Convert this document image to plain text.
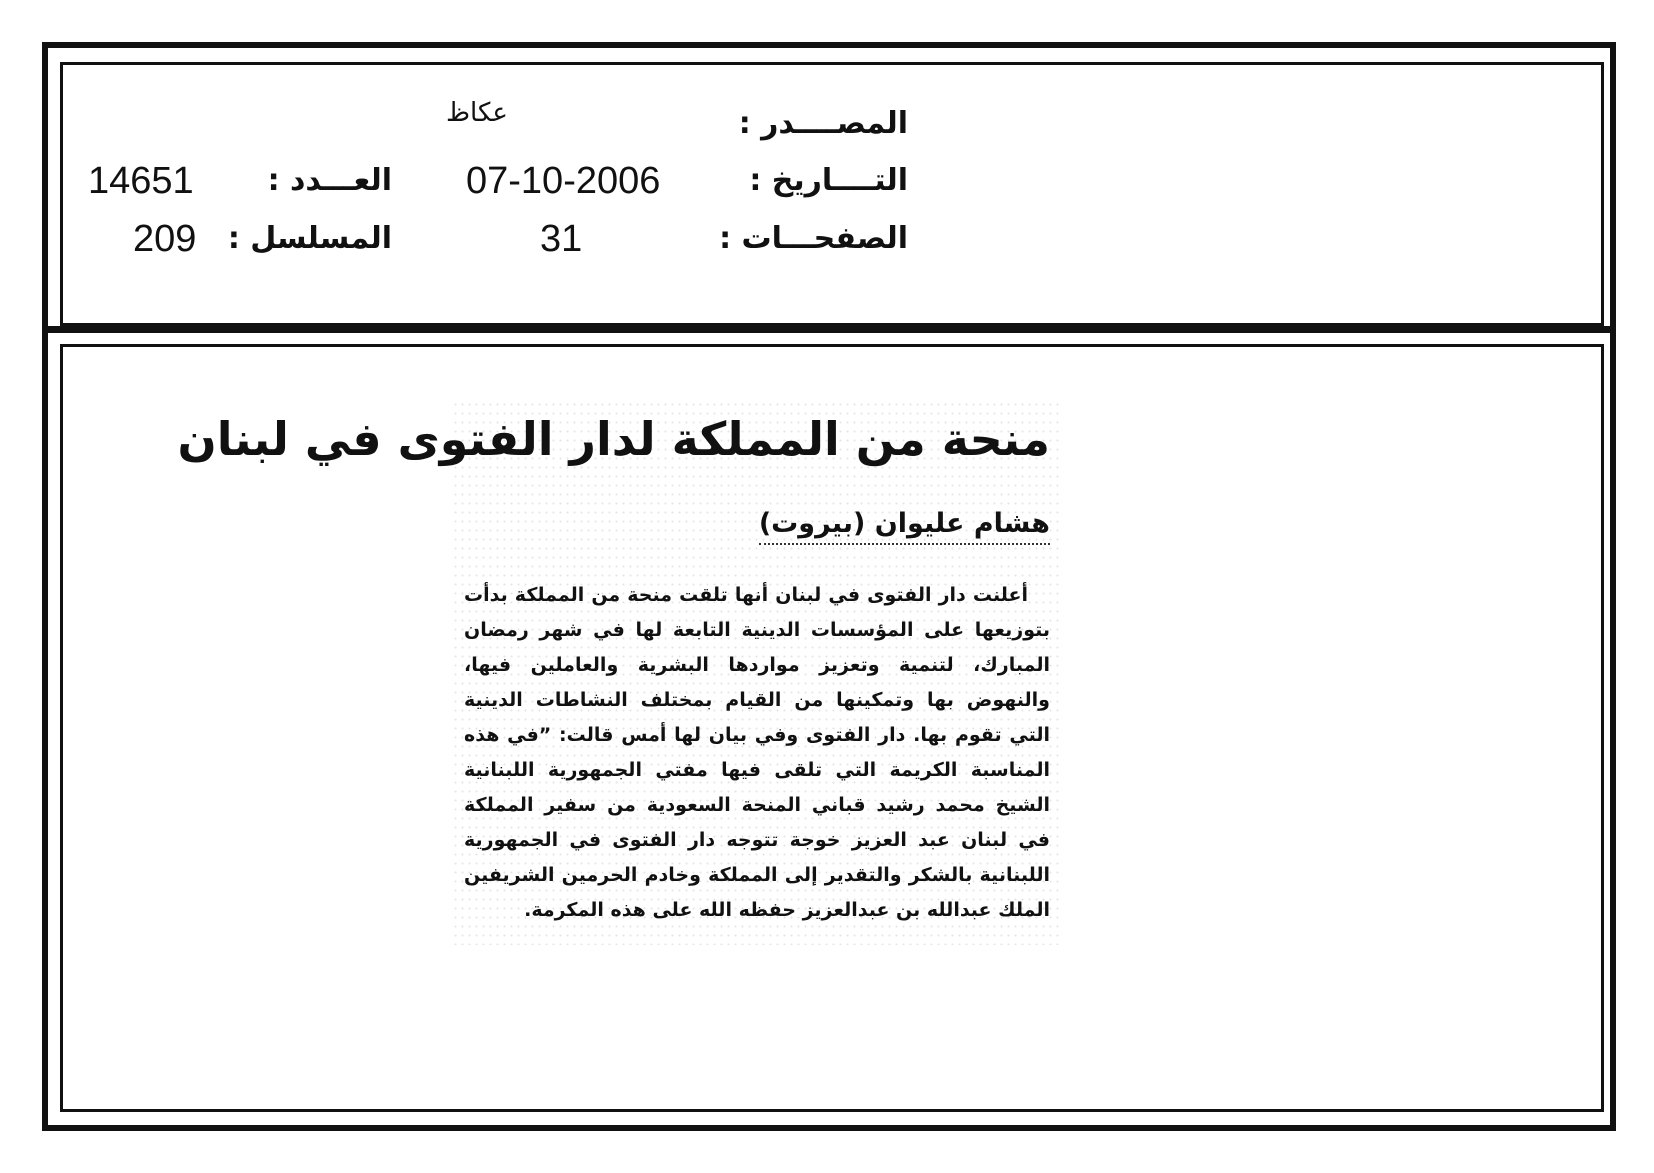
المصــــدر :
عكاظ
التــــاريخ :
07-10-2006
الصفحـــات :
31
العـــدد :
14651
المسلسل :
209
منحة من المملكة لدار الفتوى في لبنان
هشام عليوان (بيروت)

أعلنت دار الفتوى في لبنان أنها تلقت منحة من المملكة بدأت بتوزيعها على المؤسسات الدينية التابعة لها في شهر رمضان المبارك، لتنمية وتعزيز مواردها البشرية والعاملين فيها، والنهوض بها وتمكينها من القيام بمختلف النشاطات الدينية التي تقوم بها. دار الفتوى وفي بيان لها أمس قالت: ”في هذه المناسبة الكريمة التي تلقى فيها مفتي الجمهورية اللبنانية الشيخ محمد رشيد قباني المنحة السعودية من سفير المملكة في لبنان عبد العزيز خوجة تتوجه دار الفتوى في الجمهورية اللبنانية بالشكر والتقدير إلى المملكة وخادم الحرمين الشريفين الملك عبدالله بن عبدالعزيز حفظه الله على هذه المكرمة.
